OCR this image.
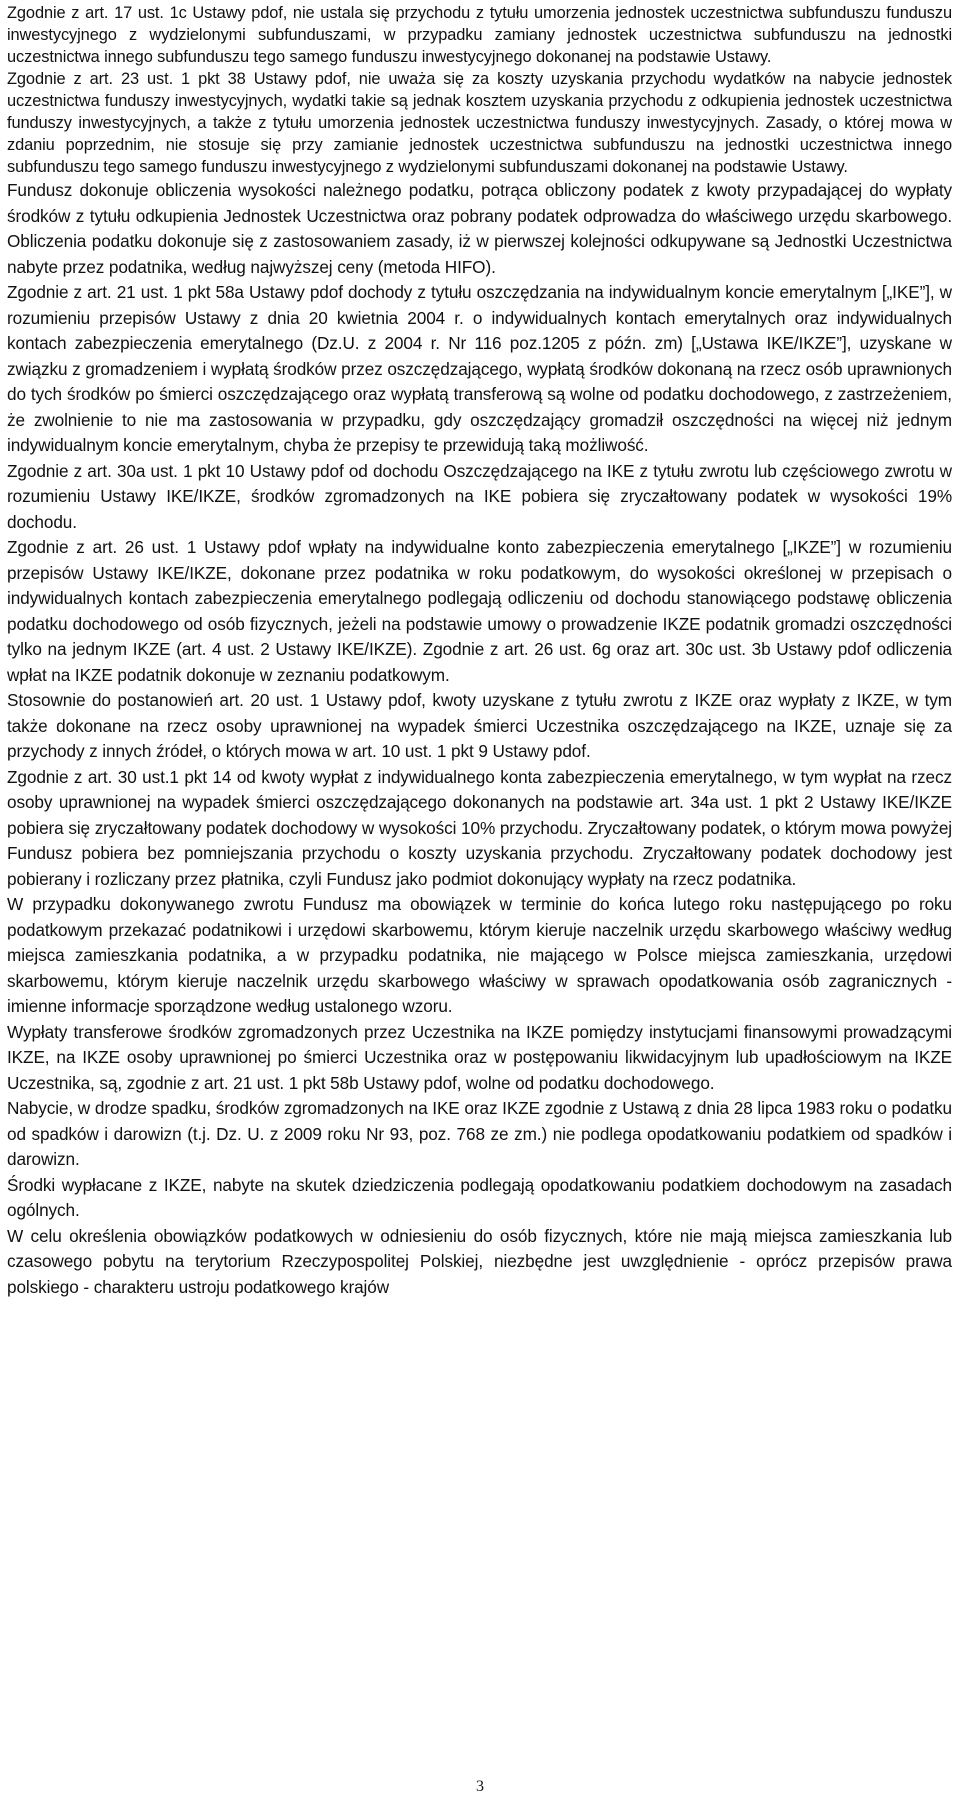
Zgodnie z art. 17 ust. 1c Ustawy pdof, nie ustala się przychodu z tytułu umorzenia jednostek uczestnictwa subfunduszu funduszu inwestycyjnego z wydzielonymi subfunduszami, w przypadku zamiany jednostek uczestnictwa subfunduszu na jednostki uczestnictwa innego subfunduszu tego samego funduszu inwestycyjnego dokonanej na podstawie Ustawy.

Zgodnie z art. 23 ust. 1 pkt 38 Ustawy pdof, nie uważa się za koszty uzyskania przychodu wydatków na nabycie jednostek uczestnictwa funduszy inwestycyjnych, wydatki takie są jednak kosztem uzyskania przychodu z odkupienia jednostek uczestnictwa funduszy inwestycyjnych, a także z tytułu umorzenia jednostek uczestnictwa funduszy inwestycyjnych. Zasady, o której mowa w zdaniu poprzednim, nie stosuje się przy zamianie jednostek uczestnictwa subfunduszu na jednostki uczestnictwa innego subfunduszu tego samego funduszu inwestycyjnego z wydzielonymi subfunduszami dokonanej na podstawie Ustawy.

Fundusz dokonuje obliczenia wysokości należnego podatku, potrąca obliczony podatek z kwoty przypadającej do wypłaty środków z tytułu odkupienia Jednostek Uczestnictwa oraz pobrany podatek odprowadza do właściwego urzędu skarbowego. Obliczenia podatku dokonuje się z zastosowaniem zasady, iż w pierwszej kolejności odkupywane są Jednostki Uczestnictwa nabyte przez podatnika, według najwyższej ceny (metoda HIFO).

Zgodnie z art. 21 ust. 1 pkt 58a Ustawy pdof dochody z tytułu oszczędzania na indywidualnym koncie emerytalnym [„IKE”], w rozumieniu przepisów Ustawy z dnia 20 kwietnia 2004 r. o indywidualnych kontach emerytalnych oraz indywidualnych kontach zabezpieczenia emerytalnego (Dz.U. z 2004 r. Nr 116 poz.1205 z późn. zm) [„Ustawa IKE/IKZE”], uzyskane w związku z gromadzeniem i wypłatą środków przez oszczędzającego, wypłatą środków dokonaną na rzecz osób uprawnionych do tych środków po śmierci oszczędzającego oraz wypłatą transferową są wolne od podatku dochodowego, z zastrzeżeniem, że zwolnienie to nie ma zastosowania w przypadku, gdy oszczędzający gromadził oszczędności na więcej niż jednym indywidualnym koncie emerytalnym, chyba że przepisy te przewidują taką możliwość.

Zgodnie z art. 30a ust. 1 pkt 10 Ustawy pdof od dochodu Oszczędzającego na IKE z tytułu zwrotu lub częściowego zwrotu w rozumieniu Ustawy IKE/IKZE, środków zgromadzonych na IKE pobiera się zryczałtowany podatek w wysokości 19% dochodu.

Zgodnie z art. 26 ust. 1 Ustawy pdof wpłaty na indywidualne konto zabezpieczenia emerytalnego [„IKZE”] w rozumieniu przepisów Ustawy IKE/IKZE, dokonane przez podatnika w roku podatkowym, do wysokości określonej w przepisach o indywidualnych kontach zabezpieczenia emerytalnego podlegają odliczeniu od dochodu stanowiącego podstawę obliczenia podatku dochodowego od osób fizycznych, jeżeli na podstawie umowy o prowadzenie IKZE podatnik gromadzi oszczędności tylko na jednym IKZE (art. 4 ust. 2 Ustawy IKE/IKZE). Zgodnie z art. 26 ust. 6g oraz art. 30c ust. 3b Ustawy pdof odliczenia wpłat na IKZE podatnik dokonuje w zeznaniu podatkowym.

Stosownie do postanowień art. 20 ust. 1 Ustawy pdof, kwoty uzyskane z tytułu zwrotu z IKZE oraz wypłaty z IKZE, w tym także dokonane na rzecz osoby uprawnionej na wypadek śmierci Uczestnika oszczędzającego na IKZE, uznaje się za przychody z innych źródeł, o których mowa w art. 10 ust. 1 pkt 9 Ustawy pdof.

Zgodnie z art. 30 ust.1 pkt 14 od kwoty wypłat z indywidualnego konta zabezpieczenia emerytalnego, w tym wypłat na rzecz osoby uprawnionej na wypadek śmierci oszczędzającego dokonanych na podstawie art. 34a ust. 1 pkt 2 Ustawy IKE/IKZE pobiera się zryczałtowany podatek dochodowy w wysokości 10% przychodu. Zryczałtowany podatek, o którym mowa powyżej Fundusz pobiera bez pomniejszania przychodu o koszty uzyskania przychodu. Zryczałtowany podatek dochodowy jest pobierany i rozliczany przez płatnika, czyli Fundusz jako podmiot dokonujący wypłaty na rzecz podatnika.

W przypadku dokonywanego zwrotu Fundusz ma obowiązek w terminie do końca lutego roku następującego po roku podatkowym przekazać podatnikowi i urzędowi skarbowemu, którym kieruje naczelnik urzędu skarbowego właściwy według miejsca zamieszkania podatnika, a w przypadku podatnika, nie mającego w Polsce miejsca zamieszkania, urzędowi skarbowemu, którym kieruje naczelnik urzędu skarbowego właściwy w sprawach opodatkowania osób zagranicznych - imienne informacje sporządzone według ustalonego wzoru.

Wypłaty transferowe środków zgromadzonych przez Uczestnika na IKZE pomiędzy instytucjami finansowymi prowadzącymi IKZE, na IKZE osoby uprawnionej po śmierci Uczestnika oraz w postępowaniu likwidacyjnym lub upadłościowym na IKZE Uczestnika, są, zgodnie z art. 21 ust. 1 pkt 58b Ustawy pdof, wolne od podatku dochodowego.

Nabycie, w drodze spadku, środków zgromadzonych na IKE oraz IKZE zgodnie z Ustawą z dnia 28 lipca 1983 roku o podatku od spadków i darowizn (t.j. Dz. U. z 2009 roku Nr 93, poz. 768 ze zm.) nie podlega opodatkowaniu podatkiem od spadków i darowizn.

Środki wypłacane z IKZE, nabyte na skutek dziedziczenia podlegają opodatkowaniu podatkiem dochodowym na zasadach ogólnych.

W celu określenia obowiązków podatkowych w odniesieniu do osób fizycznych, które nie mają miejsca zamieszkania lub czasowego pobytu na terytorium Rzeczypospolitej Polskiej, niezbędne jest uwzględnienie - oprócz przepisów prawa polskiego - charakteru ustroju podatkowego krajów

3
